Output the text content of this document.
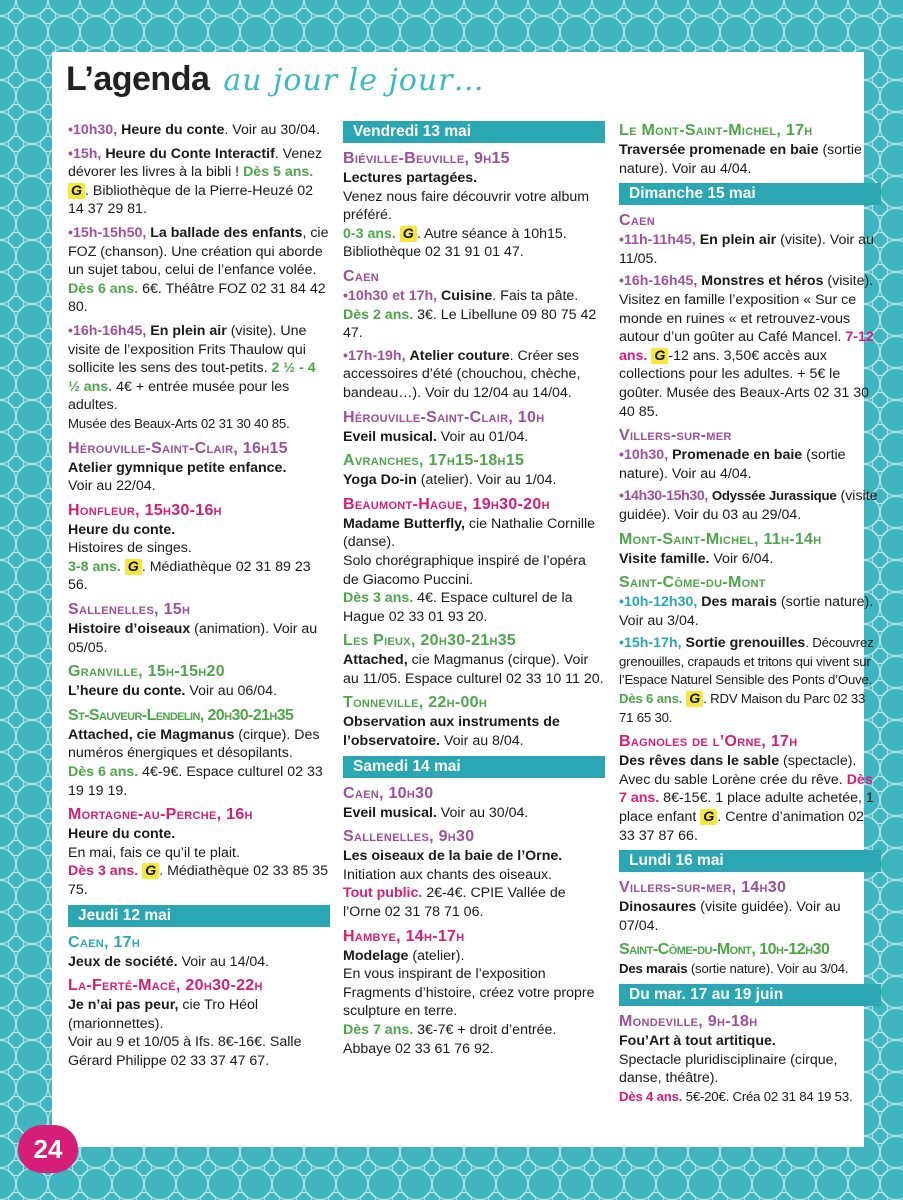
L’agenda au jour le jour…
•10h30, Heure du conte. Voir au 30/04.
•15h, Heure du Conte Interactif. Venez dévorer les livres à la bibli ! Dès 5 ans. G . Bibliothèque de la Pierre-Heuzé 02 14 37 29 81.
•15h-15h50, La ballade des enfants, cie FOZ (chanson). Une création qui aborde un sujet tabou, celui de l’enfance volée. Dès 6 ans. 6€. Théâtre FOZ 02 31 84 42 80.
•16h-16h45, En plein air (visite). Une visite de l’exposition Frits Thaulow qui sollicite les sens des tout-petits. 2 ½ - 4 ½ ans. 4€ + entrée musée pour les adultes.
Musée des Beaux-Arts 02 31 30 40 85.
Hérouville-Saint-Clair, 16h15
Atelier gymnique petite enfance.
Voir au 22/04.
Honfleur, 15h30-16h
Heure du conte.
Histoires de singes.
3-8 ans. G . Médiathèque 02 31 89 23 56.
Sallenelles, 15h
Histoire d’oiseaux (animation). Voir au 05/05.
Granville, 15h-15h20
L’heure du conte. Voir au 06/04.
St-Sauveur-Lendelin, 20h30-21h35
Attached, cie Magmanus (cirque). Des numéros énergiques et désopilants.
Dès 6 ans. 4€-9€. Espace culturel 02 33 19 19 19.
Mortagne-au-Perche, 16h
Heure du conte.
En mai, fais ce qu’il te plait.
Dès 3 ans. G . Médiathèque 02 33 85 35 75.
Jeudi 12 mai
Caen, 17h
Jeux de société. Voir au 14/04.
La-Ferté-Macé, 20h30-22h
Je n’ai pas peur, cie Tro Héol (marionnettes).
Voir au 9 et 10/05 à Ifs. 8€-16€. Salle Gérard Philippe 02 33 37 47 67.
Vendredi 13 mai
Biéville-Beuville, 9h15
Lectures partagées.
Venez nous faire découvrir votre album préféré.
0-3 ans. G . Autre séance à 10h15. Bibliothèque 02 31 91 01 47.
Caen
•10h30 et 17h, Cuisine. Fais ta pâte. Dès 2 ans. 3€. Le Libellune 09 80 75 42 47.
•17h-19h, Atelier couture. Créer ses accessoires d’été (chouchou, chèche, bandeau…). Voir du 12/04 au 14/04.
Hérouville-Saint-Clair, 10h
Eveil musical. Voir au 01/04.
Avranches, 17h15-18h15
Yoga Do-in (atelier). Voir au 1/04.
Beaumont-Hague, 19h30-20h
Madame Butterfly, cie Nathalie Cornille (danse).
Solo chorégraphique inspiré de l’opéra de Giacomo Puccini.
Dès 3 ans. 4€. Espace culturel de la Hague 02 33 01 93 20.
Les Pieux, 20h30-21h35
Attached, cie Magmanus (cirque). Voir au 11/05. Espace culturel 02 33 10 11 20.
Tonneville, 22h-00h
Observation aux instruments de l’observatoire. Voir au 8/04.
Samedi 14 mai
Caen, 10h30
Eveil musical. Voir au 30/04.
Sallenelles, 9h30
Les oiseaux de la baie de l’Orne.
Initiation aux chants des oiseaux.
Tout public. 2€-4€. CPIE Vallée de l’Orne 02 31 78 71 06.
Hambye, 14h-17h
Modelage (atelier).
En vous inspirant de l’exposition Fragments d’histoire, créez votre propre sculpture en terre.
Dès 7 ans. 3€-7€ + droit d’entrée. Abbaye 02 33 61 76 92.
Le Mont-Saint-Michel, 17h
Traversée promenade en baie (sortie nature). Voir au 4/04.
Dimanche 15 mai
Caen
•11h-11h45, En plein air (visite). Voir au 11/05.
•16h-16h45, Monstres et héros (visite). Visitez en famille l’exposition « Sur ce monde en ruines « et retrouvez-vous autour d’un goûter au Café Mancel. 7-12 ans. G -12 ans. 3,50€ accès aux collections pour les adultes. + 5€ le goûter. Musée des Beaux-Arts 02 31 30 40 85.
Villers-sur-mer
•10h30, Promenade en baie (sortie nature). Voir au 4/04.
•14h30-15h30, Odyssée Jurassique (visite guidée). Voir du 03 au 29/04.
Mont-Saint-Michel, 11h-14h
Visite famille. Voir 6/04.
Saint-Côme-du-Mont
•10h-12h30, Des marais (sortie nature). Voir au 3/04.
•15h-17h, Sortie grenouilles. Découvrez grenouilles, crapauds et tritons qui vivent sur l’Espace Naturel Sensible des Ponts d’Ouve. Dès 6 ans. G . RDV Maison du Parc 02 33 71 65 30.
Bagnoles de l’Orne, 17h
Des rêves dans le sable (spectacle). Avec du sable Lorène crée du rêve. Dès 7 ans. 8€-15€. 1 place adulte achetée, 1 place enfant G . Centre d’animation 02 33 37 87 66.
Lundi 16 mai
Villers-sur-mer, 14h30
Dinosaures (visite guidée). Voir au 07/04.
Saint-Côme-du-Mont, 10h-12h30
Des marais (sortie nature). Voir au 3/04.
Du mar. 17 au 19 juin
Mondeville, 9h-18h
Fou’Art à tout artitique.
Spectacle pluridisciplinaire (cirque, danse, théâtre).
Dès 4 ans. 5€-20€. Créa 02 31 84 19 53.
24
